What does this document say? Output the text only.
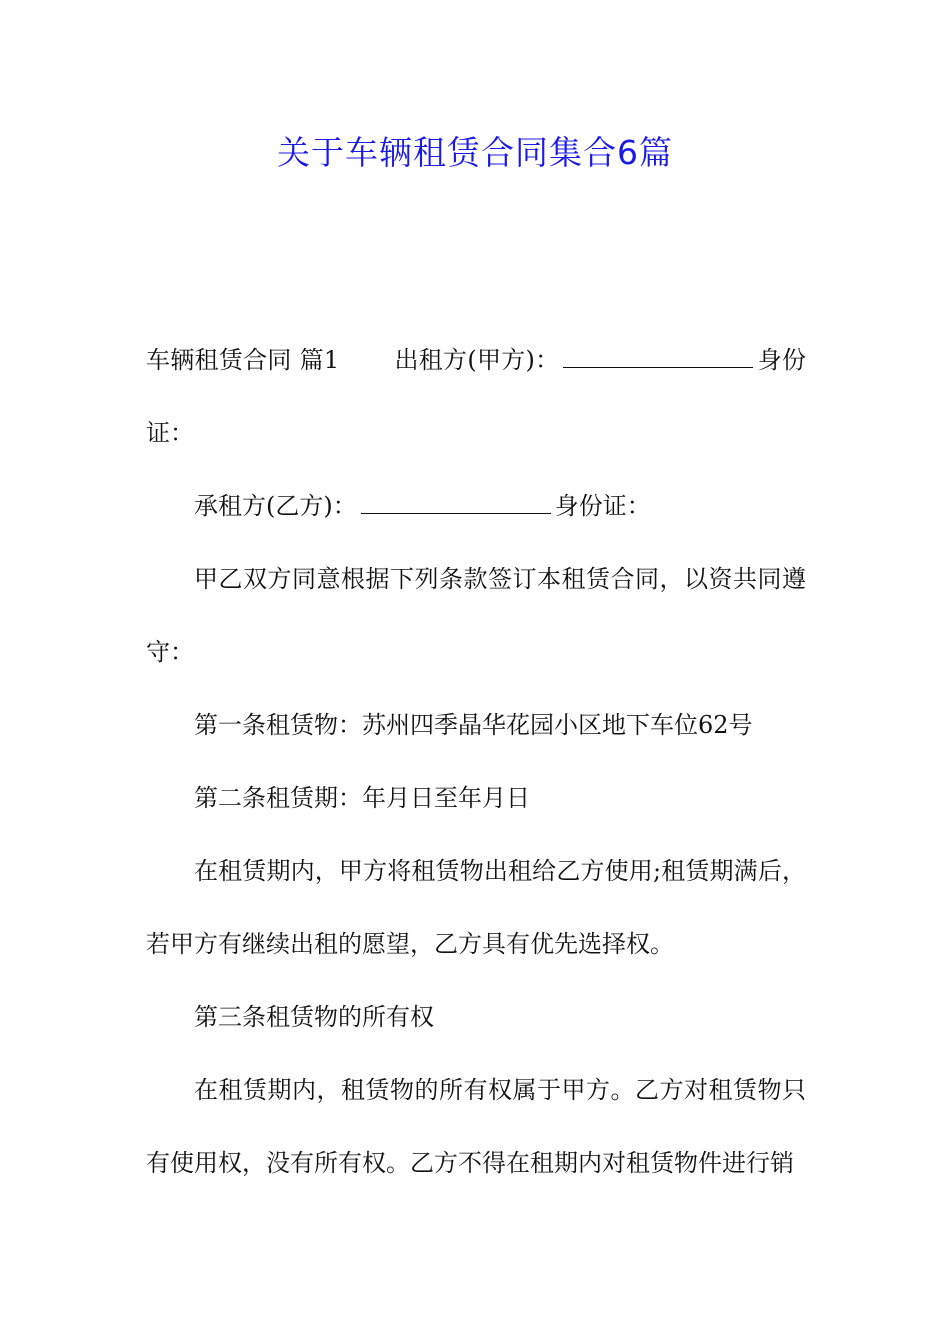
关于车辆租赁合同集合6篇

车辆租赁合同 篇1 出租方(甲方)：	身份证：

承租方(乙方)：	身份证：

甲乙双方同意根据下列条款签订本租赁合同，以资共同遵守：

第一条租赁物：苏州四季晶华花园小区地下车位62号

第二条租赁期：年月日至年月日

在租赁期内，甲方将租赁物出租给乙方使用;租赁期满后，若甲方有继续出租的愿望，乙方具有优先选择权。

第三条租赁物的所有权

在租赁期内，租赁物的所有权属于甲方。乙方对租赁物只有使用权，没有所有权。乙方不得在租期内对租赁物件进行销
